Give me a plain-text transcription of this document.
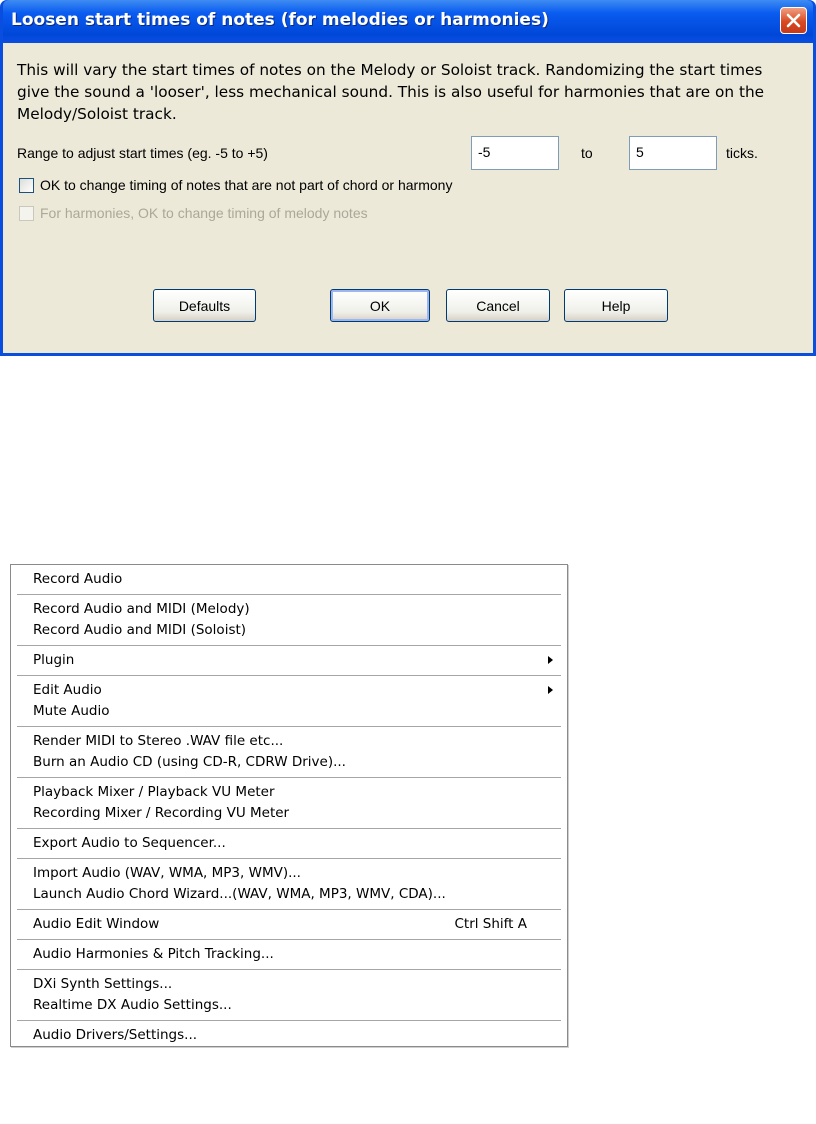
Loosen start times of notes (for melodies or harmonies)
This will vary the start times of notes on the Melody or Soloist track. Randomizing the start times give the sound a 'looser', less mechanical sound. This is also useful for harmonies that are on the Melody/Soloist track.
Range to adjust start times (eg. -5 to +5)	-5	to	5	ticks.
OK to change timing of notes that are not part of chord or harmony
For harmonies, OK to change timing of melody notes
Defaults	OK	Cancel	Help
Record Audio
Record Audio and MIDI (Melody)
Record Audio and MIDI (Soloist)
Plugin
Edit Audio
Mute Audio
Render MIDI to Stereo .WAV file etc...
Burn an Audio CD (using CD-R, CDRW Drive)...
Playback Mixer / Playback VU Meter
Recording Mixer / Recording VU Meter
Export Audio to Sequencer...
Import Audio (WAV, WMA, MP3, WMV)...
Launch Audio Chord Wizard...(WAV, WMA, MP3, WMV, CDA)...
Audio Edit Window	Ctrl Shift A
Audio Harmonies & Pitch Tracking...
DXi Synth Settings...
Realtime DX Audio Settings...
Audio Drivers/Settings...
